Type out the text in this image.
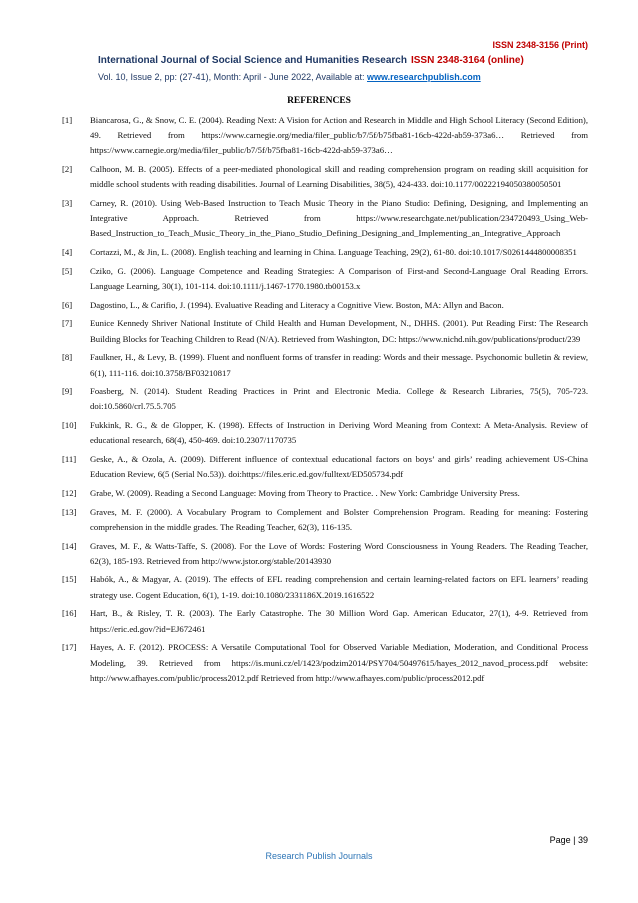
ISSN 2348-3156 (Print)
International Journal of Social Science and Humanities Research ISSN 2348-3164 (online)
Vol. 10, Issue 2, pp: (27-41), Month: April - June 2022, Available at: www.researchpublish.com
REFERENCES
[1]	Biancarosa, G., & Snow, C. E. (2004). Reading Next: A Vision for Action and Research in Middle and High School Literacy (Second Edition), 49. Retrieved from https://www.carnegie.org/media/filer_public/b7/5f/b75fba81-16cb-422d-ab59-373a6… Retrieved from https://www.carnegie.org/media/filer_public/b7/5f/b75fba81-16cb-422d-ab59-373a6…
[2]	Calhoon, M. B. (2005). Effects of a peer-mediated phonological skill and reading comprehension program on reading skill acquisition for middle school students with reading disabilities. Journal of Learning Disabilities, 38(5), 424-433. doi:10.1177/00222194050380050501
[3]	Carney, R. (2010). Using Web-Based Instruction to Teach Music Theory in the Piano Studio: Defining, Designing, and Implementing an Integrative Approach. Retrieved from https://www.researchgate.net/publication/234720493_Using_Web-Based_Instruction_to_Teach_Music_Theory_in_the_Piano_Studio_Defining_Designing_and_Implementing_an_Integrative_Approach
[4]	Cortazzi, M., & Jin, L. (2008). English teaching and learning in China. Language Teaching, 29(2), 61-80. doi:10.1017/S0261444800008351
[5]	Cziko, G. (2006). Language Competence and Reading Strategies: A Comparison of First-and Second-Language Oral Reading Errors. Language Learning, 30(1), 101-114. doi:10.1111/j.1467-1770.1980.tb00153.x
[6]	Dagostino, L., & Carifio, J. (1994). Evaluative Reading and Literacy a Cognitive View. Boston, MA: Allyn and Bacon.
[7]	Eunice Kennedy Shriver National Institute of Child Health and Human Development, N., DHHS. (2001). Put Reading First: The Research Building Blocks for Teaching Children to Read (N/A). Retrieved from Washington, DC: https://www.nichd.nih.gov/publications/product/239
[8]	Faulkner, H., & Levy, B. (1999). Fluent and nonfluent forms of transfer in reading: Words and their message. Psychonomic bulletin & review, 6(1), 111-116. doi:10.3758/BF03210817
[9]	Foasberg, N. (2014). Student Reading Practices in Print and Electronic Media. College & Research Libraries, 75(5), 705-723. doi:10.5860/crl.75.5.705
[10]	Fukkink, R. G., & de Glopper, K. (1998). Effects of Instruction in Deriving Word Meaning from Context: A Meta-Analysis. Review of educational research, 68(4), 450-469. doi:10.2307/1170735
[11]	Geske, A., & Ozola, A. (2009). Different influence of contextual educational factors on boys’ and girls’ reading achievement US-China Education Review, 6(5 (Serial No.53)). doi:https://files.eric.ed.gov/fulltext/ED505734.pdf
[12]	Grabe, W. (2009). Reading a Second Language: Moving from Theory to Practice. . New York: Cambridge University Press.
[13]	Graves, M. F. (2000). A Vocabulary Program to Complement and Bolster Comprehension Program. Reading for meaning: Fostering comprehension in the middle grades. The Reading Teacher, 62(3), 116-135.
[14]	Graves, M. F., & Watts-Taffe, S. (2008). For the Love of Words: Fostering Word Consciousness in Young Readers. The Reading Teacher, 62(3), 185-193. Retrieved from http://www.jstor.org/stable/20143930
[15]	Habók, A., & Magyar, A. (2019). The effects of EFL reading comprehension and certain learning-related factors on EFL learners’ reading strategy use. Cogent Education, 6(1), 1-19. doi:10.1080/2331186X.2019.1616522
[16]	Hart, B., & Risley, T. R. (2003). The Early Catastrophe. The 30 Million Word Gap. American Educator, 27(1), 4-9. Retrieved from https://eric.ed.gov/?id=EJ672461
[17]	Hayes, A. F. (2012). PROCESS: A Versatile Computational Tool for Observed Variable Mediation, Moderation, and Conditional Process Modeling, 39. Retrieved from https://is.muni.cz/el/1423/podzim2014/PSY704/50497615/hayes_2012_navod_process.pdf website: http://www.afhayes.com/public/process2012.pdf Retrieved from http://www.afhayes.com/public/process2012.pdf
Page | 39
Research Publish Journals
